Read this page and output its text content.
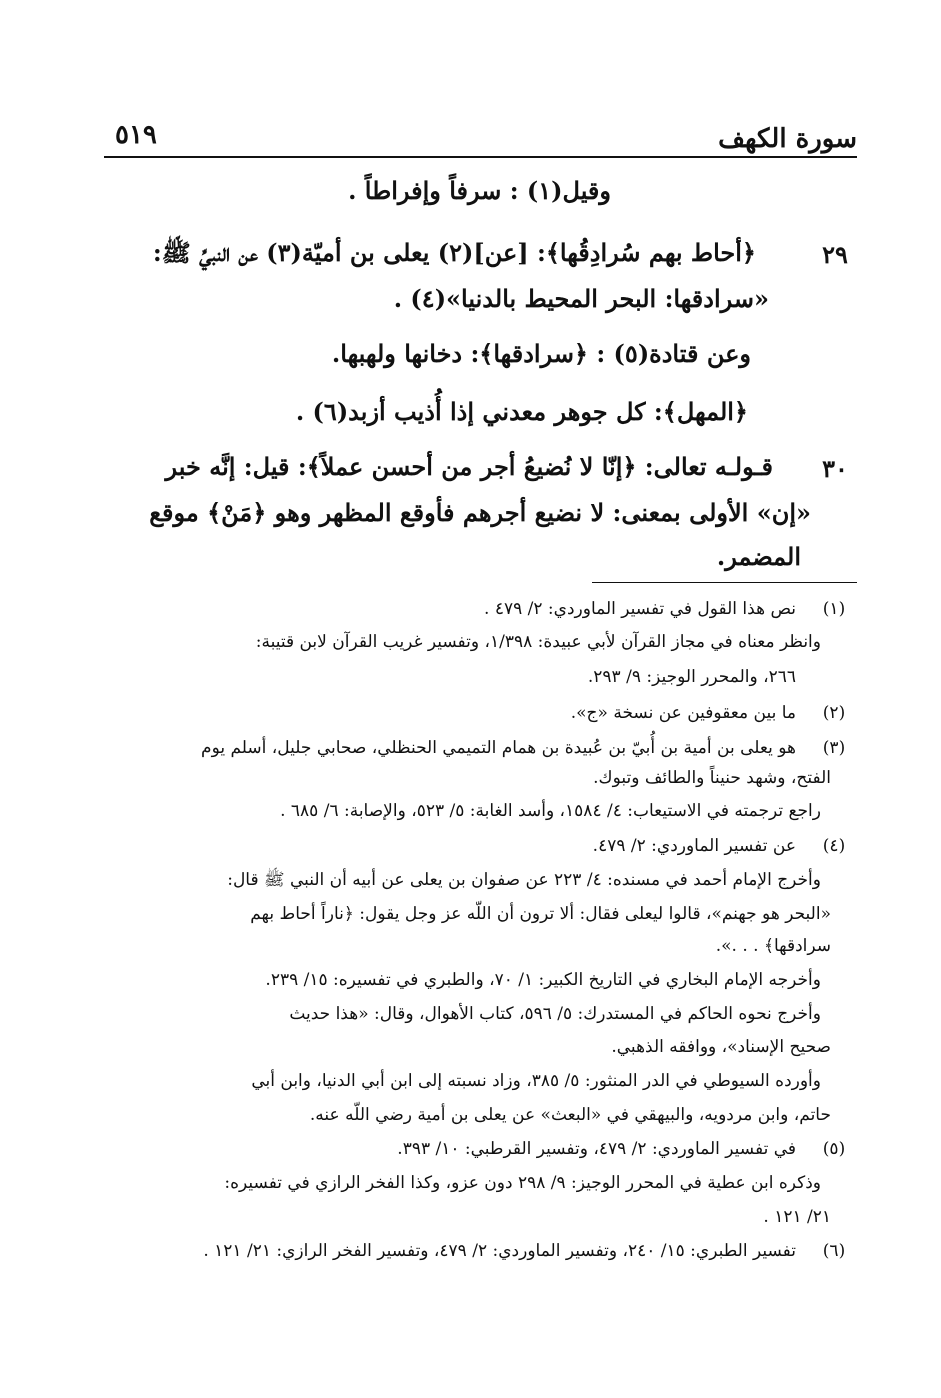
سورة الكهف
٥١٩
وقيل(١) : سرفاً وإفراطاً .
﴿أحاط بهم سُرادِقُها﴾: [عن](٢) يعلى بن أميّة(٣) عن النبيِّ ﷺ:
«سرادقها: البحر المحيط بالدنيا»(٤) .
وعن قتادة(٥) : ﴿سرادقها﴾: دخانها ولهبها.
﴿المهل﴾: كل جوهر معدني إذا أُذيب أزبد(٦) .
قـولـه تعالى: ﴿إنّا لا نُضيعُ أجر من أحسن عملاً﴾: قيل: إنَّه خبر
«إن» الأولى بمعنى: لا نضيع أجرهم فأوقع المظهر وهو ﴿مَنْ﴾ موقع
المضمر.
٢٩
٣٠
(١)
(٢)
(٣)
(٤)
(٥)
(٦)
نص هذا القول في تفسير الماوردي: ٢/ ٤٧٩ .
وانظر معناه في مجاز القرآن لأبي عبيدة: ١/٣٩٨، وتفسير غريب القرآن لابن قتيبة:
٢٦٦، والمحرر الوجيز: ٩/ ٢٩٣.
ما بين معقوفين عن نسخة «ج».
هو يعلى بن أمية بن أُبيّ بن عُبيدة بن همام التميمي الحنظلي، صحابي جليل، أسلم يوم
الفتح، وشهد حنيناً والطائف وتبوك.
راجع ترجمته في الاستيعاب: ٤/ ١٥٨٤، وأسد الغابة: ٥/ ٥٢٣، والإصابة: ٦/ ٦٨٥ .
عن تفسير الماوردي: ٢/ ٤٧٩.
وأخرج الإمام أحمد في مسنده: ٤/ ٢٢٣ عن صفوان بن يعلى عن أبيه أن النبي ﷺ قال:
«البحر هو جهنم»، قالوا ليعلى فقال: ألا ترون أن اللّه عز وجل يقول: ﴿ناراً أحاط بهم
سرادقها﴾ . . .».
وأخرجه الإمام البخاري في التاريخ الكبير: ١/ ٧٠، والطبري في تفسيره: ١٥/ ٢٣٩.
وأخرج نحوه الحاكم في المستدرك: ٥/ ٥٩٦، كتاب الأهوال، وقال: «هذا حديث
صحيح الإسناد»، ووافقه الذهبي.
وأورده السيوطي في الدر المنثور: ٥/ ٣٨٥، وزاد نسبته إلى ابن أبي الدنيا، وابن أبي
حاتم، وابن مردويه، والبيهقي في «البعث» عن يعلى بن أمية رضي اللّه عنه.
في تفسير الماوردي: ٢/ ٤٧٩، وتفسير القرطبي: ١٠/ ٣٩٣.
وذكره ابن عطية في المحرر الوجيز: ٩/ ٢٩٨ دون عزو، وكذا الفخر الرازي في تفسيره:
٢١/ ١٢١ .
تفسير الطبري: ١٥/ ٢٤٠، وتفسير الماوردي: ٢/ ٤٧٩، وتفسير الفخر الرازي: ٢١/ ١٢١ .
